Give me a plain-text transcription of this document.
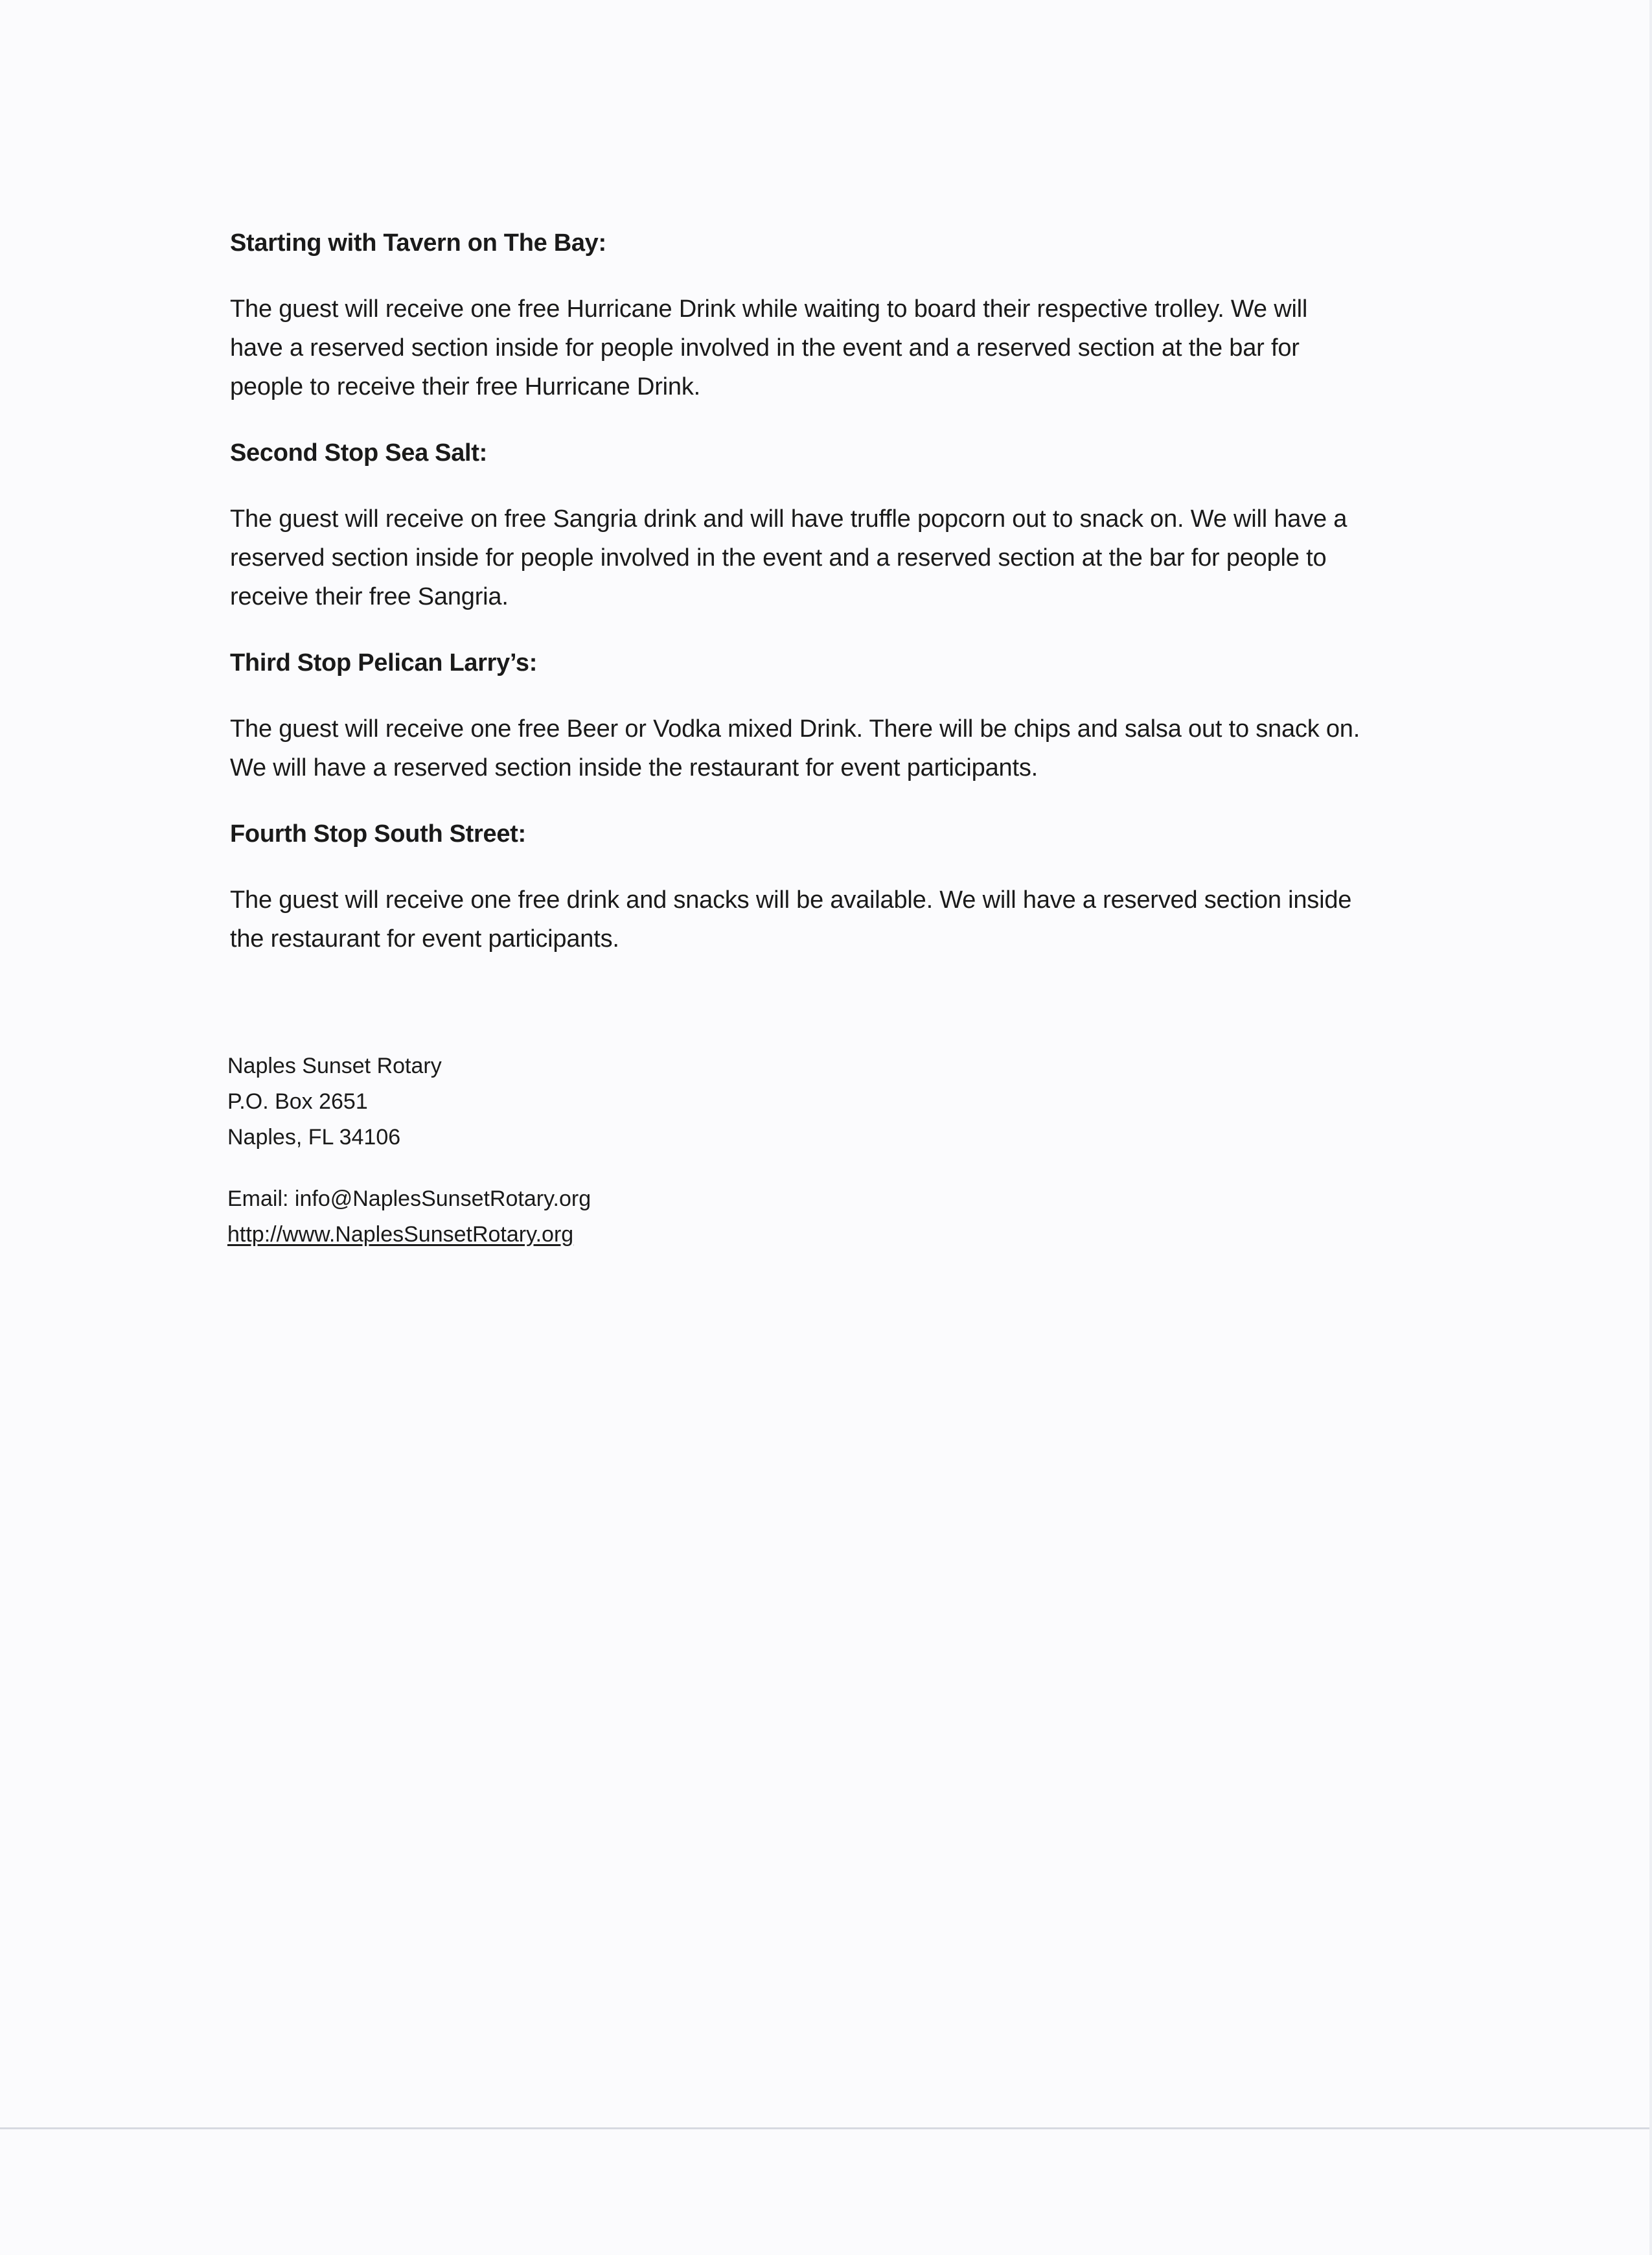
Starting with Tavern on The Bay:

The guest will receive one free Hurricane Drink while waiting to board their respective trolley. We will
have a reserved section inside for people involved in the event and a reserved section at the bar for
people to receive their free Hurricane Drink.

Second Stop Sea Salt:

The guest will receive on free Sangria drink and will have truffle popcorn out to snack on. We will have a
reserved section inside for people involved in the event and a reserved section at the bar for people to
receive their free Sangria.

Third Stop Pelican Larry’s:

The guest will receive one free Beer or Vodka mixed Drink. There will be chips and salsa out to snack on.
We will have a reserved section inside the restaurant for event participants.

Fourth Stop South Street:

The guest will receive one free drink and snacks will be available. We will have a reserved section inside
the restaurant for event participants.

Naples Sunset Rotary

P.O. Box 2651

Naples, FL 34106

Email: info@NaplesSunsetRotary.org

http://www.NaplesSunsetRotary.org
